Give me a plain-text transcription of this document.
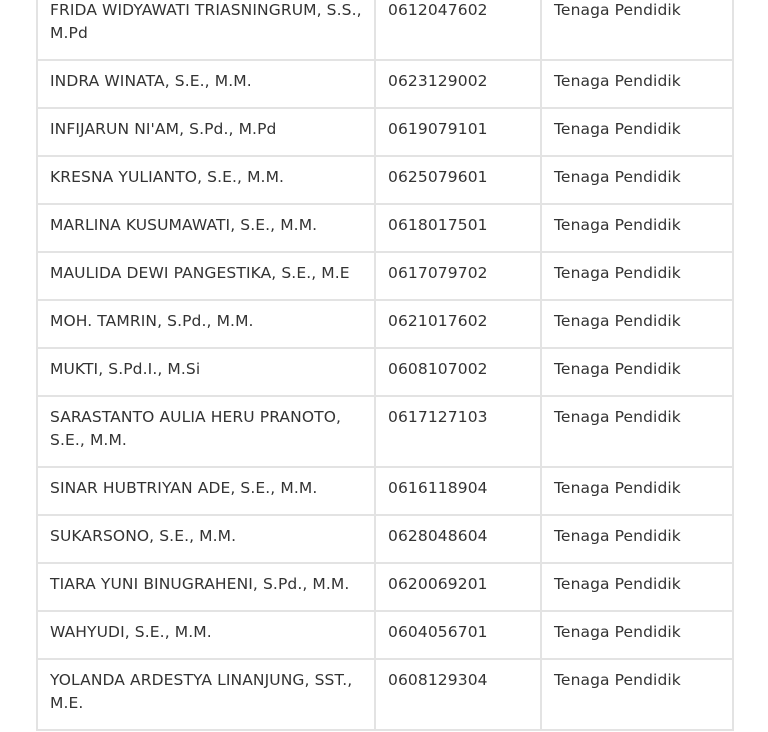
FRIDA WIDYAWATI TRIASNINGRUM, S.S., M.Pd	0612047602	Tenaga Pendidik
INDRA WINATA, S.E., M.M.	0623129002	Tenaga Pendidik
INFIJARUN NI'AM, S.Pd., M.Pd	0619079101	Tenaga Pendidik
KRESNA YULIANTO, S.E., M.M.	0625079601	Tenaga Pendidik
MARLINA KUSUMAWATI, S.E., M.M.	0618017501	Tenaga Pendidik
MAULIDA DEWI PANGESTIKA, S.E., M.E	0617079702	Tenaga Pendidik
MOH. TAMRIN, S.Pd., M.M.	0621017602	Tenaga Pendidik
MUKTI, S.Pd.I., M.Si	0608107002	Tenaga Pendidik
SARASTANTO AULIA HERU PRANOTO, S.E., M.M.	0617127103	Tenaga Pendidik
SINAR HUBTRIYAN ADE, S.E., M.M.	0616118904	Tenaga Pendidik
SUKARSONO, S.E., M.M.	0628048604	Tenaga Pendidik
TIARA YUNI BINUGRAHENI, S.Pd., M.M.	0620069201	Tenaga Pendidik
WAHYUDI, S.E., M.M.	0604056701	Tenaga Pendidik
YOLANDA ARDESTYA LINANJUNG, SST., M.E.	0608129304	Tenaga Pendidik
